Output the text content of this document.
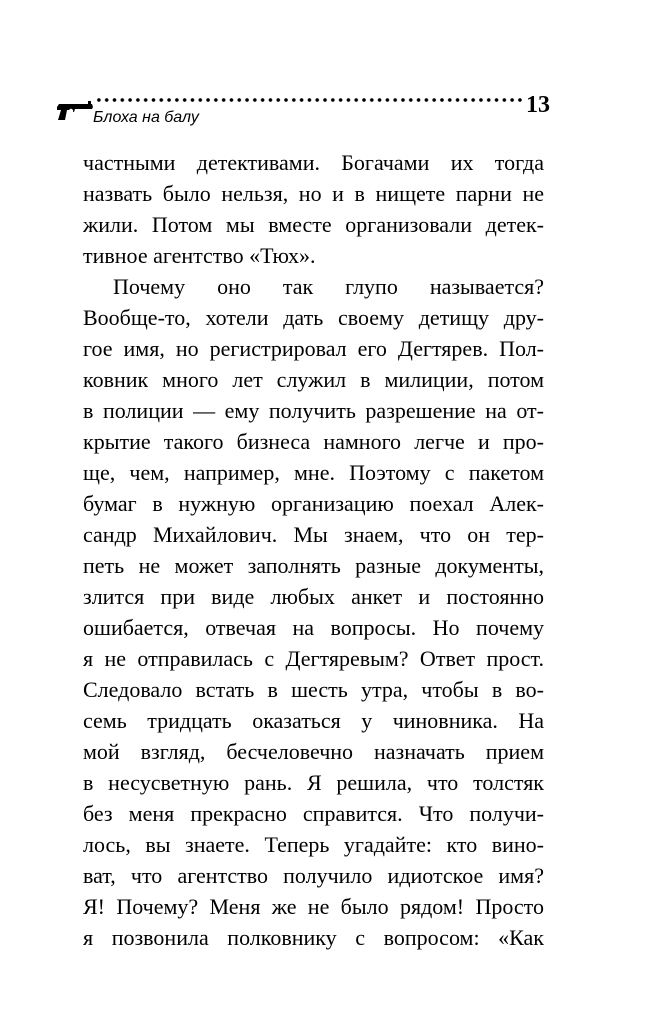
13
Блоха на балу
частными детективами. Богачами их тогда
назвать было нельзя, но и в нищете парни не
жили. Потом мы вместе организовали детек-
тивное агентство «Тюх».
Почему оно так глупо называется?
Вообще-то, хотели дать своему детищу дру-
гое имя, но регистрировал его Дегтярев. Пол-
ковник много лет служил в милиции, потом
в полиции — ему получить разрешение на от-
крытие такого бизнеса намного легче и про-
ще, чем, например, мне. Поэтому с пакетом
бумаг в нужную организацию поехал Алек-
сандр Михайлович. Мы знаем, что он тер-
петь не может заполнять разные документы,
злится при виде любых анкет и постоянно
ошибается, отвечая на вопросы. Но почему
я не отправилась с Дегтяревым? Ответ прост.
Следовало встать в шесть утра, чтобы в во-
семь тридцать оказаться у чиновника. На
мой взгляд, бесчеловечно назначать прием
в несусветную рань. Я решила, что толстяк
без меня прекрасно справится. Что получи-
лось, вы знаете. Теперь угадайте: кто вино-
ват, что агентство получило идиотское имя?
Я! Почему? Меня же не было рядом! Просто
я позвонила полковнику с вопросом: «Как
